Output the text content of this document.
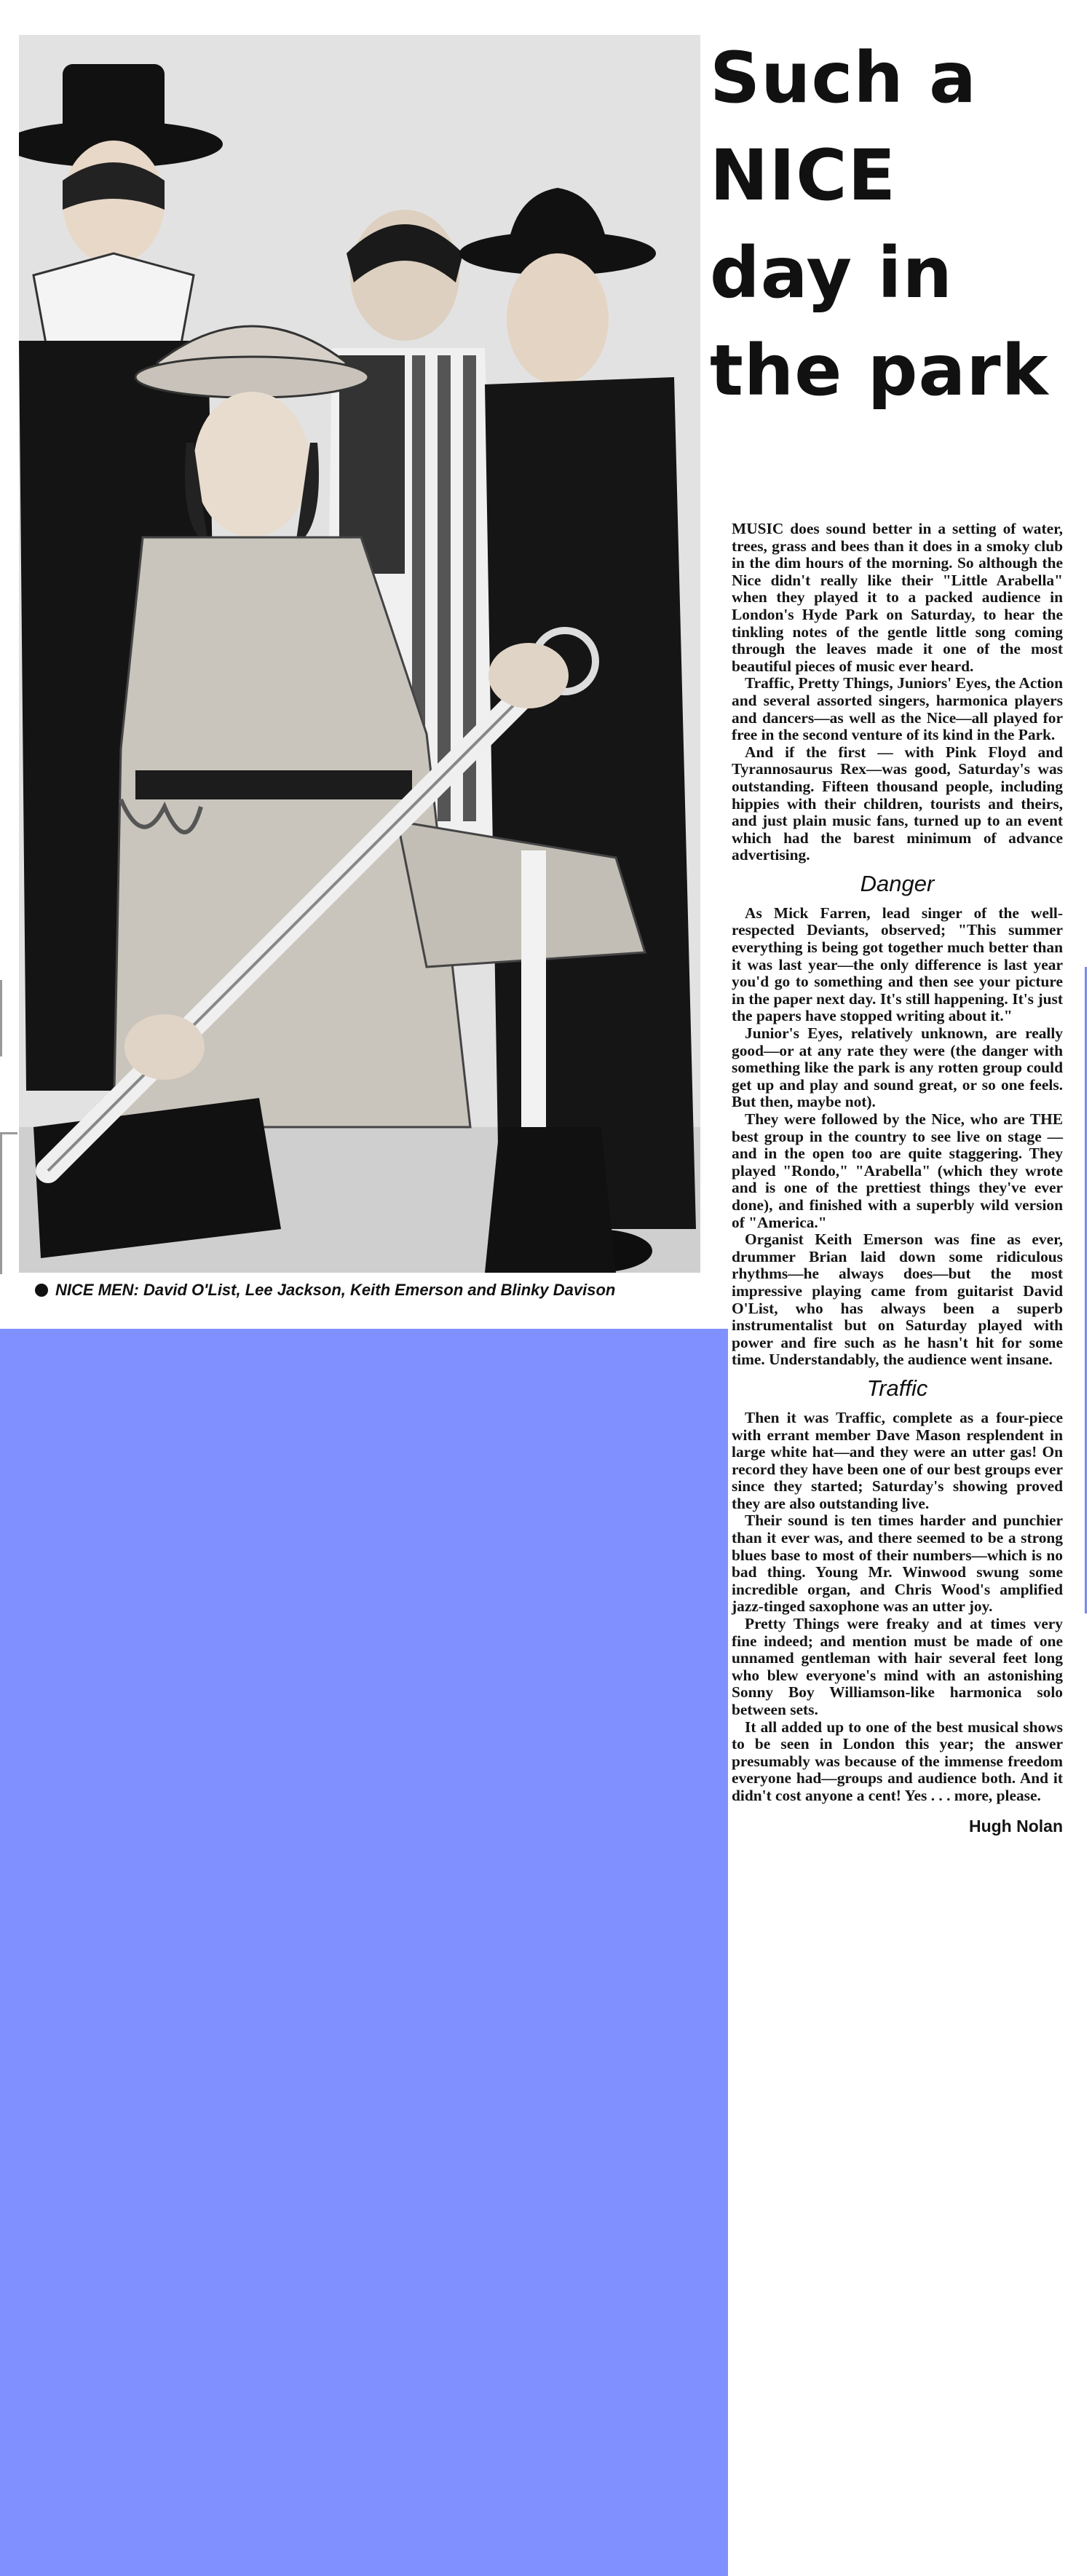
NICE MEN: David O'List, Lee Jackson, Keith Emerson and Blinky Davison
Such a
NICE
day in
the park

MUSIC does sound better in a setting of water, trees, grass and bees than it does in a smoky club in the dim hours of the morning. So although the Nice didn't really like their "Little Arabella" when they played it to a packed audience in London's Hyde Park on Saturday, to hear the tinkling notes of the gentle little song coming through the leaves made it one of the most beautiful pieces of music ever heard.

Traffic, Pretty Things, Juniors' Eyes, the Action and several assorted singers, harmonica players and dancers—as well as the Nice—all played for free in the second venture of its kind in the Park.

And if the first — with Pink Floyd and Tyrannosaurus Rex—was good, Saturday's was outstanding. Fifteen thousand people, including hippies with their children, tourists and theirs, and just plain music fans, turned up to an event which had the barest minimum of advance advertising.

Danger

As Mick Farren, lead singer of the well-respected Deviants, observed; "This summer everything is being got together much better than it was last year—the only difference is last year you'd go to something and then see your picture in the paper next day. It's still happening. It's just the papers have stopped writing about it."

Junior's Eyes, relatively unknown, are really good—or at any rate they were (the danger with something like the park is any rotten group could get up and play and sound great, or so one feels. But then, maybe not).

They were followed by the Nice, who are THE best group in the country to see live on stage —and in the open too are quite staggering. They played "Rondo," "Arabella" (which they wrote and is one of the prettiest things they've ever done), and finished with a superbly wild version of "America."

Organist Keith Emerson was fine as ever, drummer Brian laid down some ridiculous rhythms—he always does—but the most impressive playing came from guitarist David O'List, who has always been a superb instrumentalist but on Saturday played with power and fire such as he hasn't hit for some time. Understandably, the audience went insane.

Traffic

Then it was Traffic, complete as a four-piece with errant member Dave Mason resplendent in large white hat—and they were an utter gas! On record they have been one of our best groups ever since they started; Saturday's showing proved they are also outstanding live.

Their sound is ten times harder and punchier than it ever was, and there seemed to be a strong blues base to most of their numbers—which is no bad thing. Young Mr. Winwood swung some incredible organ, and Chris Wood's amplified jazz-tinged saxophone was an utter joy.

Pretty Things were freaky and at times very fine indeed; and mention must be made of one unnamed gentleman with hair several feet long who blew everyone's mind with an astonishing Sonny Boy Williamson-like harmonica solo between sets.

It all added up to one of the best musical shows to be seen in London this year; the answer presumably was because of the immense freedom everyone had—groups and audience both. And it didn't cost anyone a cent! Yes . . . more, please.

Hugh Nolan
